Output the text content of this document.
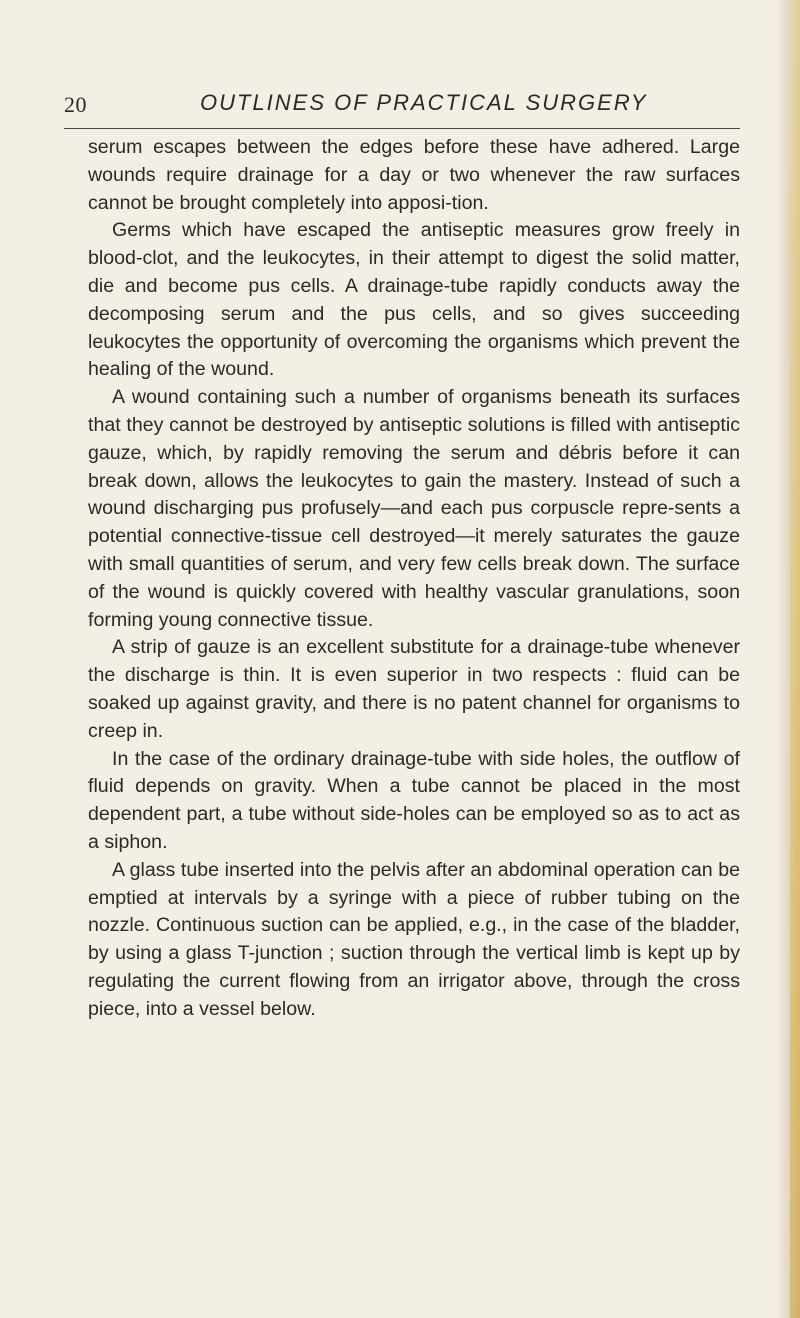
20	OUTLINES OF PRACTICAL SURGERY

serum escapes between the edges before these have adhered. Large wounds require drainage for a day or two whenever the raw surfaces cannot be brought completely into apposi-tion.

Germs which have escaped the antiseptic measures grow freely in blood-clot, and the leukocytes, in their attempt to digest the solid matter, die and become pus cells. A drainage-tube rapidly conducts away the decomposing serum and the pus cells, and so gives succeeding leukocytes the opportunity of overcoming the organisms which prevent the healing of the wound.

A wound containing such a number of organisms beneath its surfaces that they cannot be destroyed by antiseptic solutions is filled with antiseptic gauze, which, by rapidly removing the serum and débris before it can break down, allows the leukocytes to gain the mastery. Instead of such a wound discharging pus profusely—and each pus corpuscle repre-sents a potential connective-tissue cell destroyed—it merely saturates the gauze with small quantities of serum, and very few cells break down. The surface of the wound is quickly covered with healthy vascular granulations, soon forming young connective tissue.

A strip of gauze is an excellent substitute for a drainage-tube whenever the discharge is thin. It is even superior in two respects : fluid can be soaked up against gravity, and there is no patent channel for organisms to creep in.

In the case of the ordinary drainage-tube with side holes, the outflow of fluid depends on gravity. When a tube cannot be placed in the most dependent part, a tube without side-holes can be employed so as to act as a siphon.

A glass tube inserted into the pelvis after an abdominal operation can be emptied at intervals by a syringe with a piece of rubber tubing on the nozzle. Continuous suction can be applied, e.g., in the case of the bladder, by using a glass T-junction ; suction through the vertical limb is kept up by regulating the current flowing from an irrigator above, through the cross piece, into a vessel below.
